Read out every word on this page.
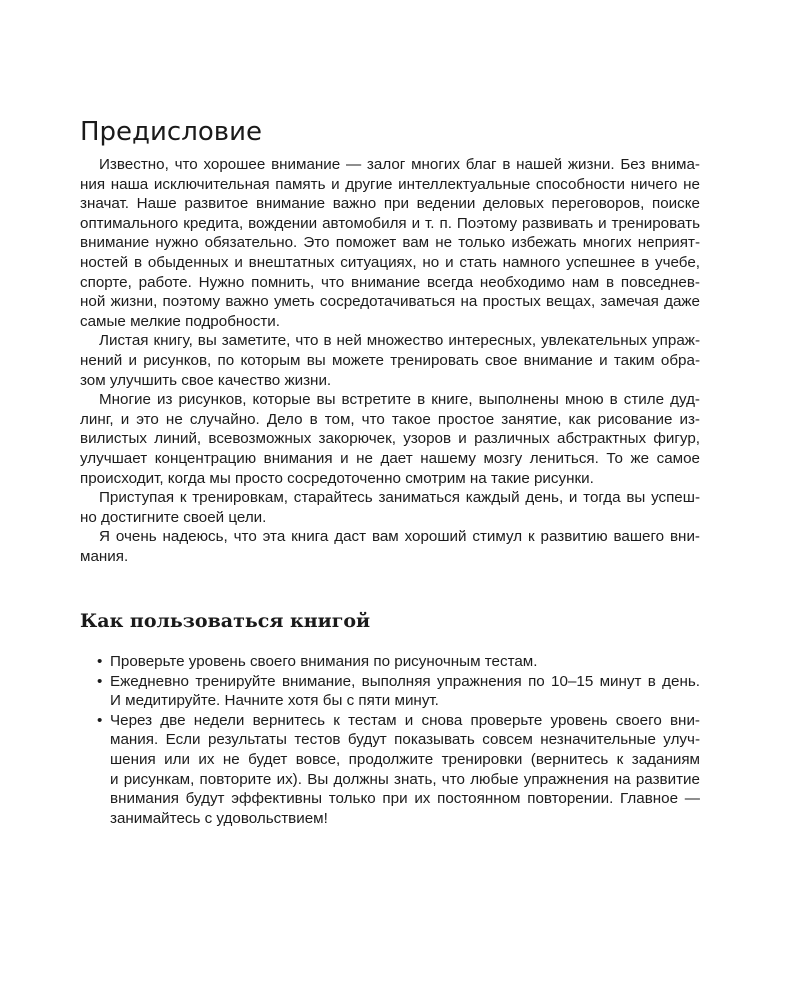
Предисловие

Известно, что хорошее внимание — залог многих благ в нашей жизни. Без внима-
ния наша исключительная память и другие интеллектуальные способности ничего не
значат. Наше развитое внимание важно при ведении деловых переговоров, поиске
оптимального кредита, вождении автомобиля и т. п. Поэтому развивать и тренировать
внимание нужно обязательно. Это поможет вам не только избежать многих неприят-
ностей в обыденных и внештатных ситуациях, но и стать намного успешнее в учебе,
спорте, работе. Нужно помнить, что внимание всегда необходимо нам в повседнев-
ной жизни, поэтому важно уметь сосредотачиваться на простых вещах, замечая даже
самые мелкие подробности.

Листая книгу, вы заметите, что в ней множество интересных, увлекательных упраж-
нений и рисунков, по которым вы можете тренировать свое внимание и таким обра-
зом улучшить свое качество жизни.

Многие из рисунков, которые вы встретите в книге, выполнены мною в стиле дуд-
линг, и это не случайно. Дело в том, что такое простое занятие, как рисование из-
вилистых линий, всевозможных закорючек, узоров и различных абстрактных фигур,
улучшает концентрацию внимания и не дает нашему мозгу лениться. То же самое
происходит, когда мы просто сосредоточенно смотрим на такие рисунки.

Приступая к тренировкам, старайтесь заниматься каждый день, и тогда вы успеш-
но достигните своей цели.

Я очень надеюсь, что эта книга даст вам хороший стимул к развитию вашего вни-
мания.

Как пользоваться книгой
• Проверьте уровень своего внимания по рисуночным тестам.
• Ежедневно тренируйте внимание, выполняя упражнения по 10–15 минут в день.
И медитируйте. Начните хотя бы с пяти минут.
• Через две недели вернитесь к тестам и снова проверьте уровень своего вни-
мания. Если результаты тестов будут показывать совсем незначительные улуч-
шения или их не будет вовсе, продолжите тренировки (вернитесь к заданиям
и рисункам, повторите их). Вы должны знать, что любые упражнения на развитие
внимания будут эффективны только при их постоянном повторении. Главное —
занимайтесь с удовольствием!
